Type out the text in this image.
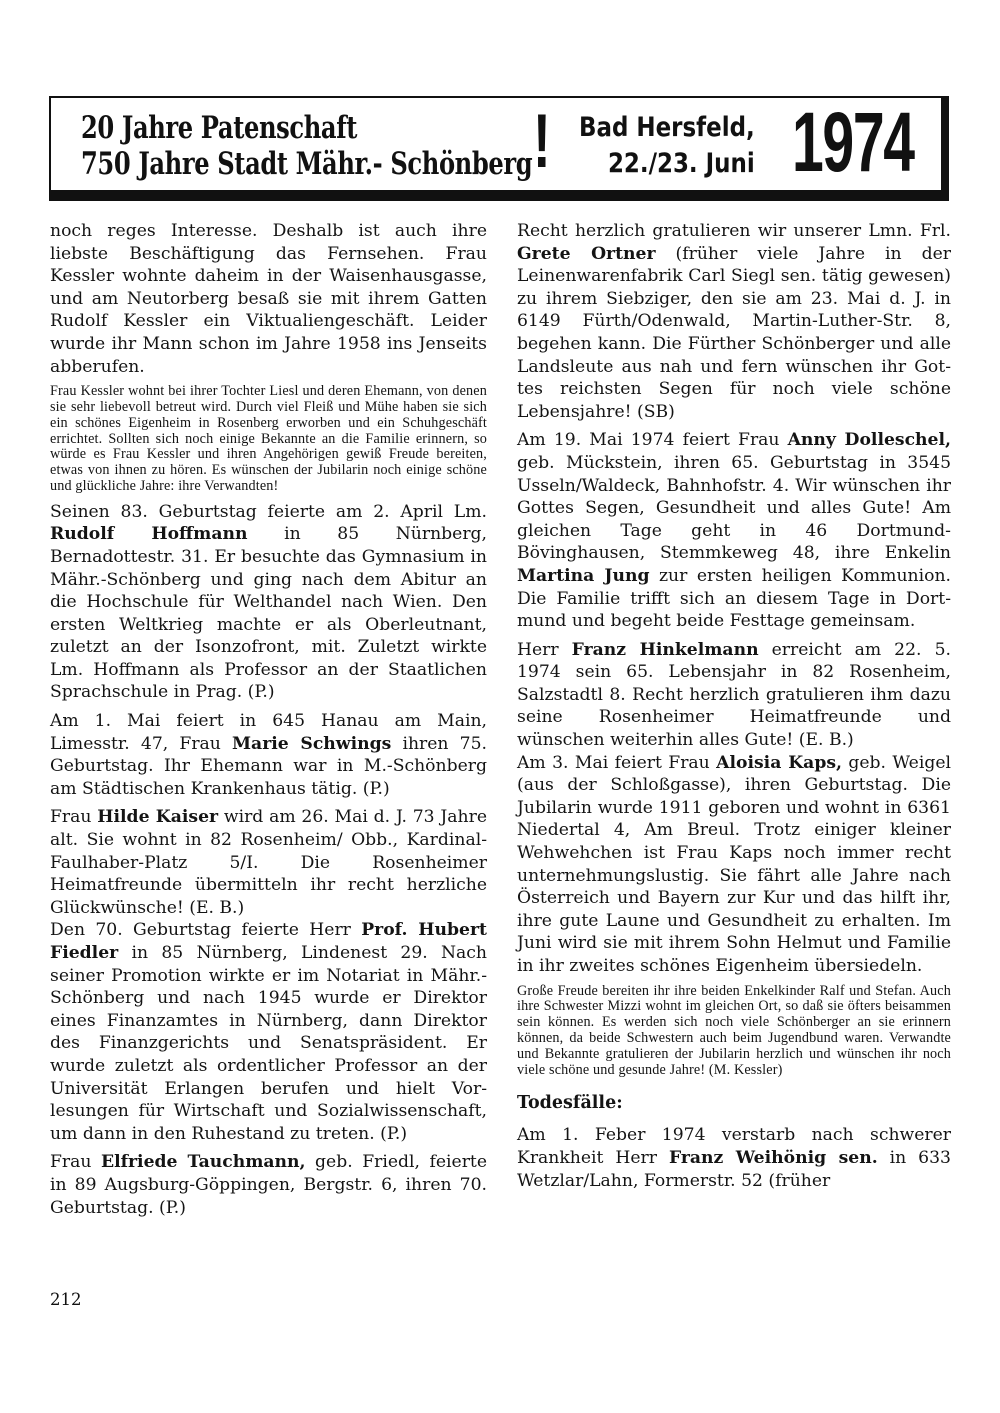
20 Jahre Patenschaft
750 Jahre Stadt Mähr.- Schönberg ! Bad Hersfeld,
22./23. Juni 1974

noch reges Interesse. Deshalb ist auch ihre liebste Beschäftigung das Fernsehen. Frau Kessler wohnte daheim in der Waisenhausgasse, und am Neutorberg besaß sie mit ihrem Gatten Rudolf Kessler ein Viktualiengeschäft. Leider wurde ihr Mann schon im Jahre 1958 ins Jenseits abberufen.

Frau Kessler wohnt bei ihrer Tochter Liesl und deren Ehemann, von denen sie sehr liebevoll betreut wird. Durch viel Fleiß und Mühe haben sie sich ein schönes Eigenheim in Rosenberg erworben und ein Schuhgeschäft errichtet. Sollten sich noch einige Bekannte an die Familie erinnern, so würde es Frau Kessler und ihren Angehörigen gewiß Freude bereiten, etwas von ihnen zu hören. Es wünschen der Jubilarin noch einige schöne und glückliche Jahre: ihre Verwandten!

Seinen 83. Geburtstag feierte am 2. April Lm. Rudolf Hoffmann in 85 Nürnberg, Bernadottestr. 31. Er besuchte das Gymnasium in Mähr.-Schönberg und ging nach dem Abitur an die Hochschule für Welthandel nach Wien. Den ersten Weltkrieg machte er als Oberleutnant, zuletzt an der Isonzofront, mit. Zuletzt wirkte Lm. Hoffmann als Professor an der Staatlichen Sprachschule in Prag. (P.)

Am 1. Mai feiert in 645 Hanau am Main, Limesstr. 47, Frau Marie Schwings ihren 75. Geburtstag. Ihr Ehemann war in M.-Schönberg am Städtischen Krankenhaus tätig. (P.)

Frau Hilde Kaiser wird am 26. Mai d. J. 73 Jahre alt. Sie wohnt in 82 Rosenheim/ Obb., Kardinal-Faulhaber-Platz 5/I. Die Rosenheimer Heimatfreunde übermitteln ihr recht herzliche Glückwünsche! (E. B.)

Den 70. Geburtstag feierte Herr Prof. Hubert Fiedler in 85 Nürnberg, Lindenest 29. Nach seiner Promotion wirkte er im Notariat in Mähr.-Schönberg und nach 1945 wurde er Direktor eines Finanzamtes in Nürnberg, dann Direktor des Finanzgerichts und Senatspräsident. Er wurde zuletzt als ordentlicher Professor an der Universität Erlangen berufen und hielt Vorlesungen für Wirtschaft und Sozialwissenschaft, um dann in den Ruhestand zu treten. (P.)

Frau Elfriede Tauchmann, geb. Friedl, feierte in 89 Augsburg-Göppingen, Bergstr. 6, ihren 70. Geburtstag. (P.)

Recht herzlich gratulieren wir unserer Lmn. Frl. Grete Ortner (früher viele Jahre in der Leinenwarenfabrik Carl Siegl sen. tätig gewesen) zu ihrem Siebziger, den sie am 23. Mai d. J. in 6149 Fürth/Odenwald, Martin-Luther-Str. 8, begehen kann. Die Fürther Schönberger und alle Landsleute aus nah und fern wünschen ihr Gottes reichsten Segen für noch viele schöne Lebensjahre! (SB)

Am 19. Mai 1974 feiert Frau Anny Dolleschel, geb. Mückstein, ihren 65. Geburtstag in 3545 Usseln/Waldeck, Bahnhofstr. 4. Wir wünschen ihr Gottes Segen, Gesundheit und alles Gute! Am gleichen Tage geht in 46 Dortmund-Bövinghausen, Stemmkeweg 48, ihre Enkelin Martina Jung zur ersten heiligen Kommunion. Die Familie trifft sich an diesem Tage in Dortmund und begeht beide Festtage gemeinsam.

Herr Franz Hinkelmann erreicht am 22. 5. 1974 sein 65. Lebensjahr in 82 Rosenheim, Salzstadtl 8. Recht herzlich gratulieren ihm dazu seine Rosenheimer Heimatfreunde und wünschen weiterhin alles Gute! (E. B.)

Am 3. Mai feiert Frau Aloisia Kaps, geb. Weigel (aus der Schloßgasse), ihren Geburtstag. Die Jubilarin wurde 1911 geboren und wohnt in 6361 Niedertal 4, Am Breul. Trotz einiger kleiner Wehwehchen ist Frau Kaps noch immer recht unternehmungslustig. Sie fährt alle Jahre nach Österreich und Bayern zur Kur und das hilft ihr, ihre gute Laune und Gesundheit zu erhalten. Im Juni wird sie mit ihrem Sohn Helmut und Familie in ihr zweites schönes Eigenheim übersiedeln.

Große Freude bereiten ihr ihre beiden Enkelkinder Ralf und Stefan. Auch ihre Schwester Mizzi wohnt im gleichen Ort, so daß sie öfters beisammen sein können. Es werden sich noch viele Schönberger an sie erinnern können, da beide Schwestern auch beim Jugendbund waren. Verwandte und Bekannte gratulieren der Jubilarin herzlich und wünschen ihr noch viele schöne und gesunde Jahre! (M. Kessler)

Todesfälle:

Am 1. Feber 1974 verstarb nach schwerer Krankheit Herr Franz Weihönig sen. in 633 Wetzlar/Lahn, Formerstr. 52 (früher

212
